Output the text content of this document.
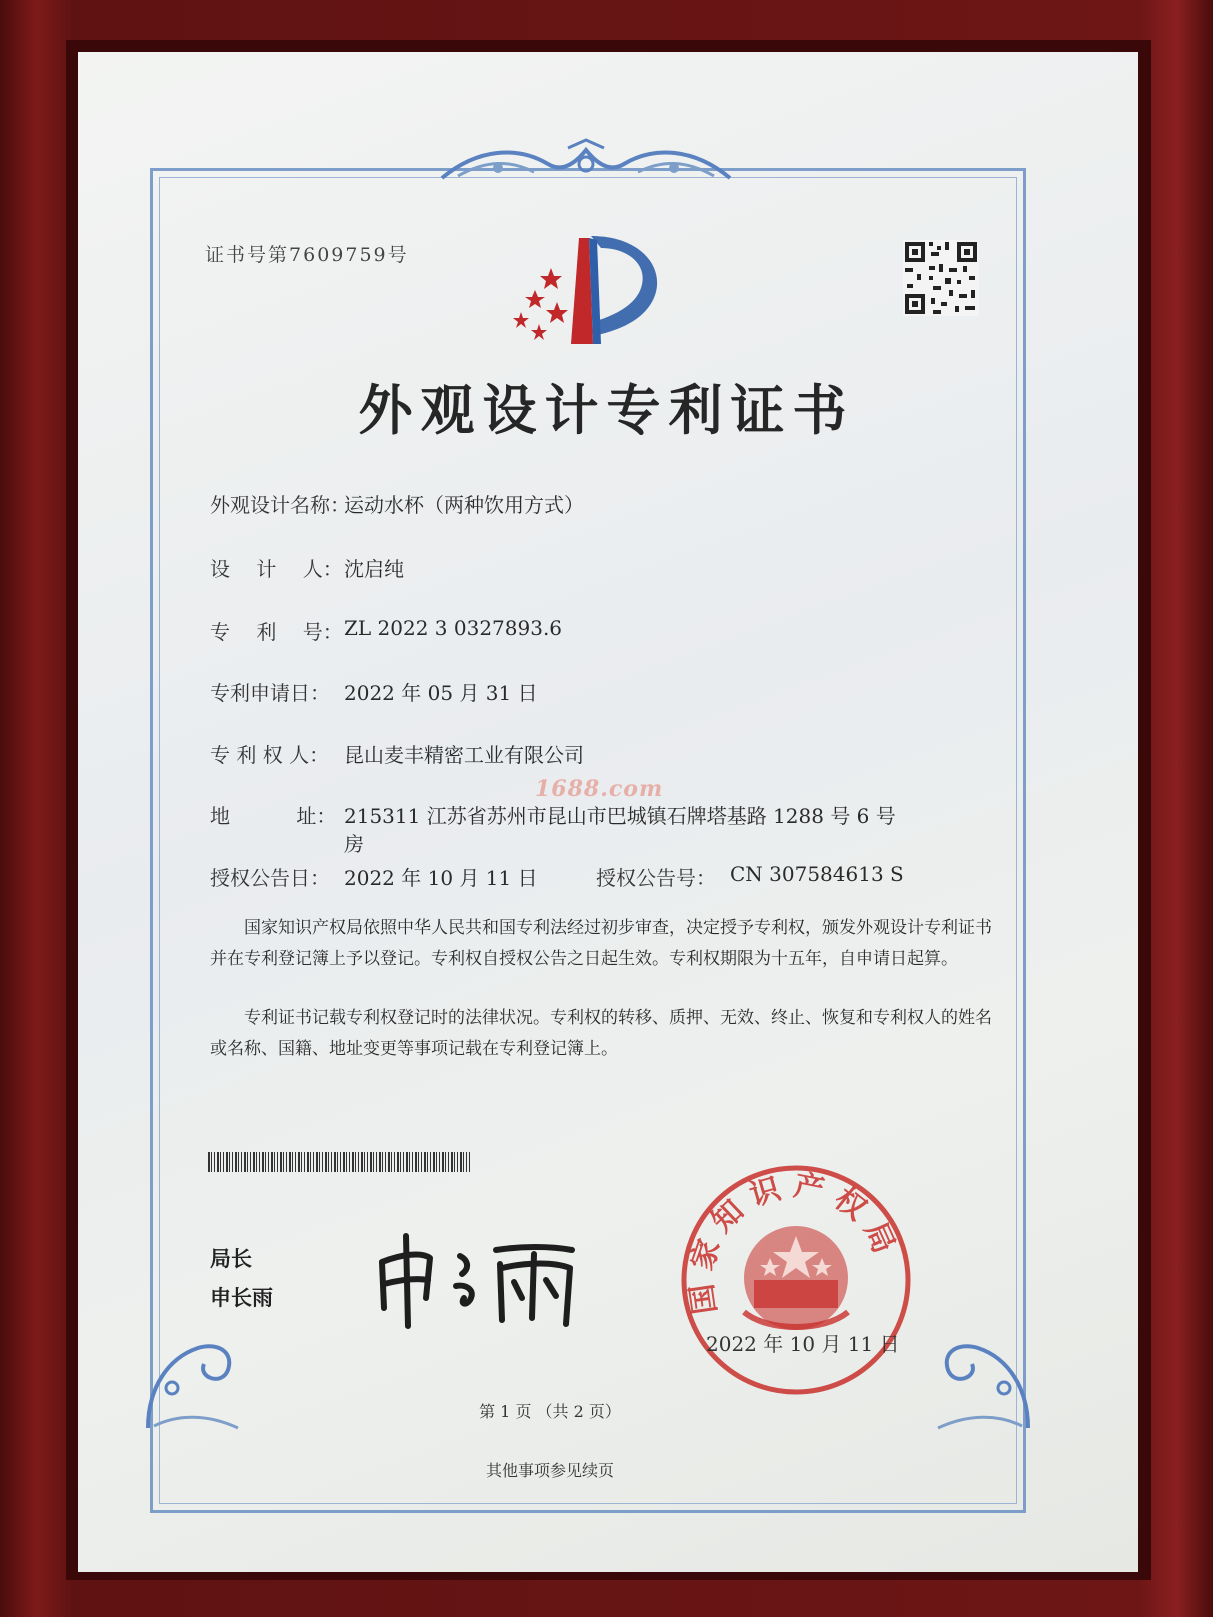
证书号第7609759号
外观设计专利证书
外观设计名称：
运动水杯（两种饮用方式）
设　 计　 人： 沈启纯
专　 利　 号： ZL 2022 3 0327893.6
专利申请日： 2022 年 05 月 31 日
专 利 权 人： 昆山麦丰精密工业有限公司
1688.com
地　　　 址： 215311 江苏省苏州市昆山市巴城镇石牌塔基路 1288 号 6 号
房
授权公告日： 2022 年 10 月 11 日	授权公告号： CN 307584613 S
国家知识产权局依照中华人民共和国专利法经过初步审查，决定授予专利权，颁发外观设计专利证书并在专利登记簿上予以登记。专利权自授权公告之日起生效。专利权期限为十五年，自申请日起算。
专利证书记载专利权登记时的法律状况。专利权的转移、质押、无效、终止、恢复和专利权人的姓名或名称、国籍、地址变更等事项记载在专利登记簿上。
局长
申长雨	国家知识产权局
2022 年 10 月 11 日
第 1 页 （共 2 页）
其他事项参见续页
